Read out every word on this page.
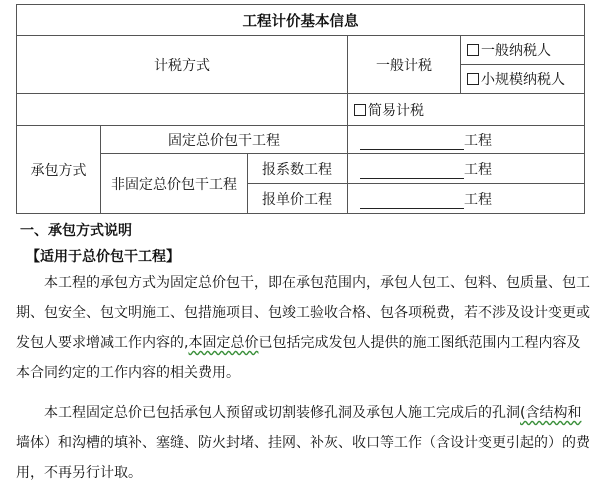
工程计价基本信息				
计税方式			一般计税	一般纳税人
				小规模纳税人
			简易计税	
承包方式	固定总价包干工程		工程	
	非固定总价包干工程	报系数工程	工程	
		报单价工程	工程	
一、承包方式说明
【适用于总价包干工程】
本工程的承包方式为固定总价包干，即在承包范围内，承包人包工、包料、包质量、包工
期、包安全、包文明施工、包措施项目、包竣工验收合格、包各项税费，若不涉及设计变更或
发包人要求增减工作内容的,本固定总价已包括完成发包人提供的施工图纸范围内工程内容及
本合同约定的工作内容的相关费用。
本工程固定总价已包括承包人预留或切割装修孔洞及承包人施工完成后的孔洞(含结构和
墙体）和沟槽的填补、塞缝、防火封堵、挂网、补灰、收口等工作（含设计变更引起的）的费
用，不再另行计取。
